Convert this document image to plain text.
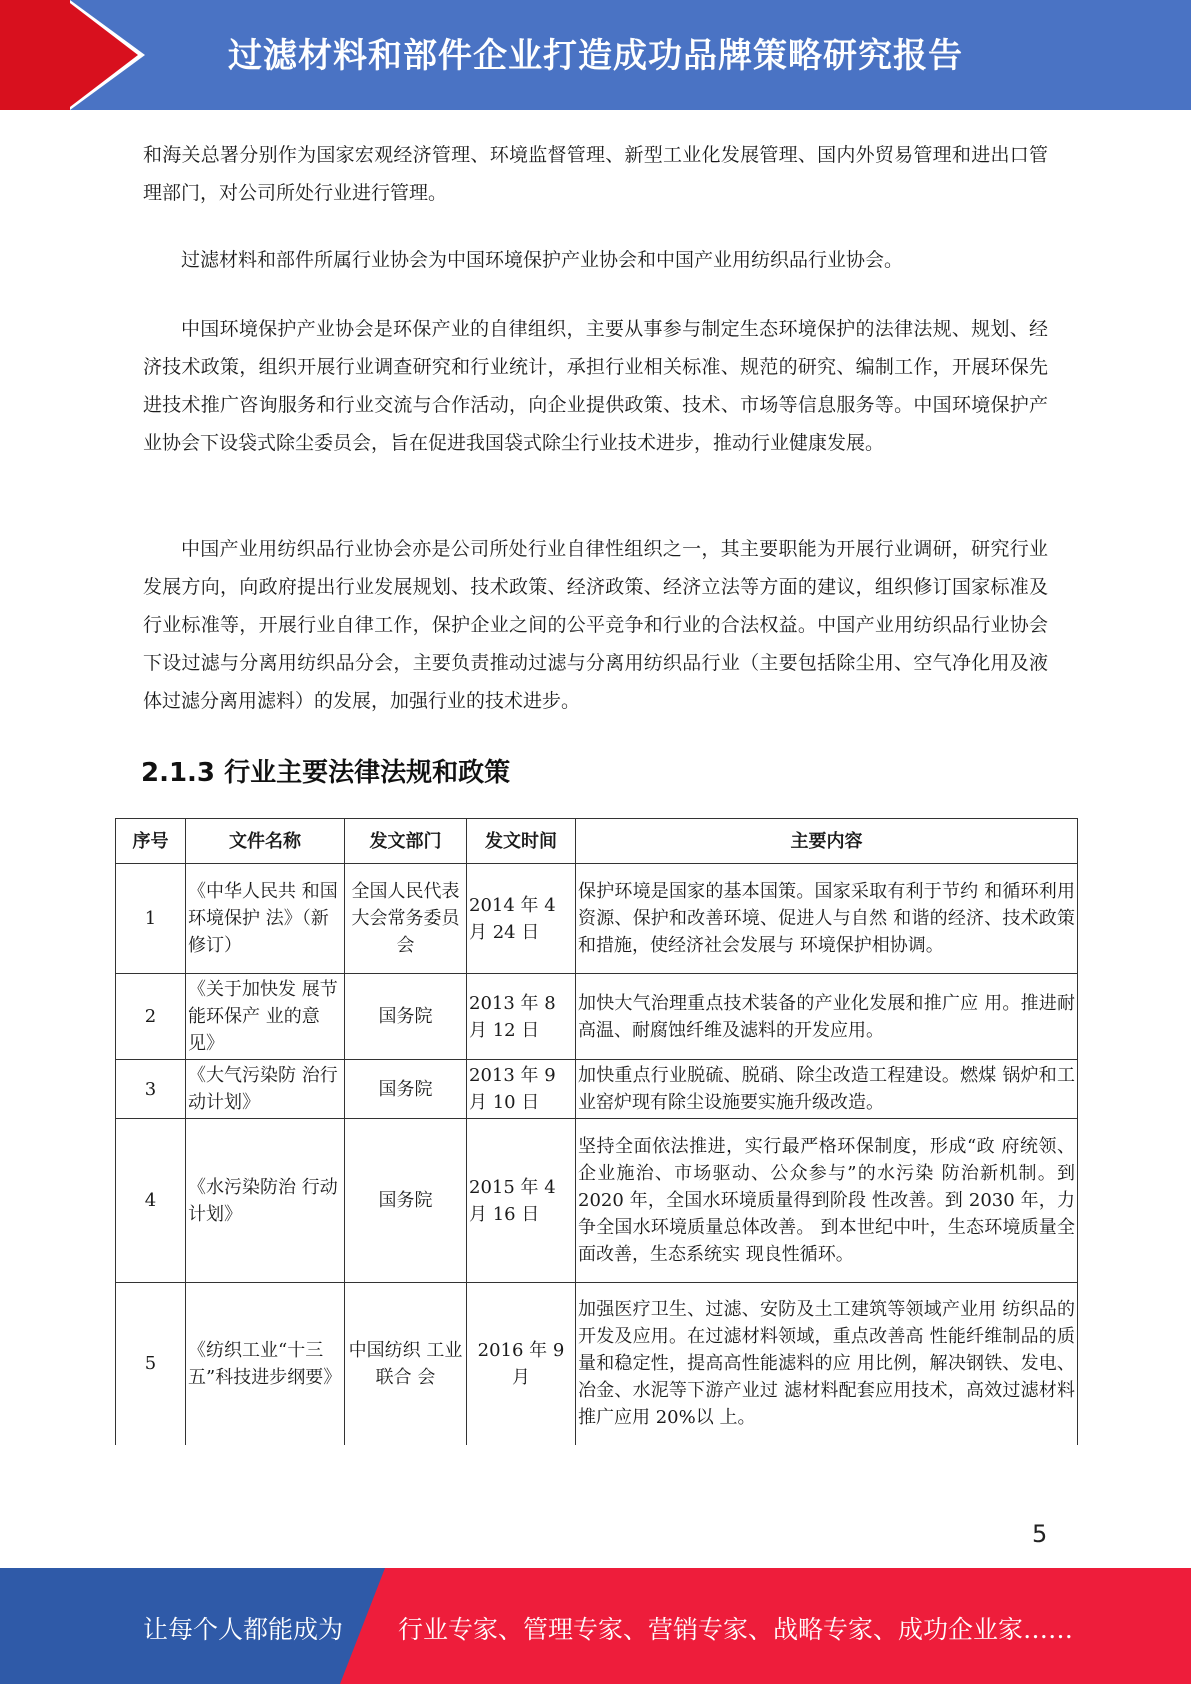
过滤材料和部件企业打造成功品牌策略研究报告
和海关总署分别作为国家宏观经济管理、环境监督管理、新型工业化发展管理、国内外贸易管理和进出口管理部门，对公司所处行业进行管理。
过滤材料和部件所属行业协会为中国环境保护产业协会和中国产业用纺织品行业协会。
中国环境保护产业协会是环保产业的自律组织，主要从事参与制定生态环境保护的法律法规、规划、经济技术政策，组织开展行业调查研究和行业统计，承担行业相关标准、规范的研究、编制工作，开展环保先进技术推广咨询服务和行业交流与合作活动，向企业提供政策、技术、市场等信息服务等。中国环境保护产业协会下设袋式除尘委员会，旨在促进我国袋式除尘行业技术进步，推动行业健康发展。
中国产业用纺织品行业协会亦是公司所处行业自律性组织之一，其主要职能为开展行业调研，研究行业发展方向，向政府提出行业发展规划、技术政策、经济政策、经济立法等方面的建议，组织修订国家标准及行业标准等，开展行业自律工作，保护企业之间的公平竞争和行业的合法权益。中国产业用纺织品行业协会下设过滤与分离用纺织品分会，主要负责推动过滤与分离用纺织品行业（主要包括除尘用、空气净化用及液体过滤分离用滤料）的发展，加强行业的技术进步。
2.1.3 行业主要法律法规和政策
序号	文件名称	发文部门	发文时间	主要内容
1	《中华人民共 和国环境保护 法》（新修订）	全国人民代表大会常务委员会	2014 年 4 月 24 日	保护环境是国家的基本国策。国家采取有利于节约 和循环利用资源、保护和改善环境、促进人与自然 和谐的经济、技术政策和措施，使经济社会发展与 环境保护相协调。
2	《关于加快发 展节能环保产 业的意见》	国务院	2013 年 8 月 12 日	加快大气治理重点技术装备的产业化发展和推广应 用。推进耐高温、耐腐蚀纤维及滤料的开发应用。
3	《大气污染防 治行动计划》	国务院	2013 年 9 月 10 日	加快重点行业脱硫、脱硝、除尘改造工程建设。燃煤 锅炉和工业窑炉现有除尘设施要实施升级改造。
4	《水污染防治 行动计划》	国务院	2015 年 4 月 16 日	坚持全面依法推进，实行最严格环保制度，形成“政 府统领、企业施治、市场驱动、公众参与”的水污染 防治新机制。到 2020 年，全国水环境质量得到阶段 性改善。到 2030 年，力争全国水环境质量总体改善。 到本世纪中叶，生态环境质量全面改善，生态系统实 现良性循环。
5	《纺织工业“十三五”科技进步纲要》	中国纺织 工业联合 会	2016 年 9 月	加强医疗卫生、过滤、安防及土工建筑等领域产业用 纺织品的开发及应用。在过滤材料领域，重点改善高 性能纤维制品的质量和稳定性，提高高性能滤料的应 用比例，解决钢铁、发电、冶金、水泥等下游产业过 滤材料配套应用技术，高效过滤材料推广应用 20%以 上。
5
让每个人都能成为 行业专家、管理专家、营销专家、战略专家、成功企业家……
